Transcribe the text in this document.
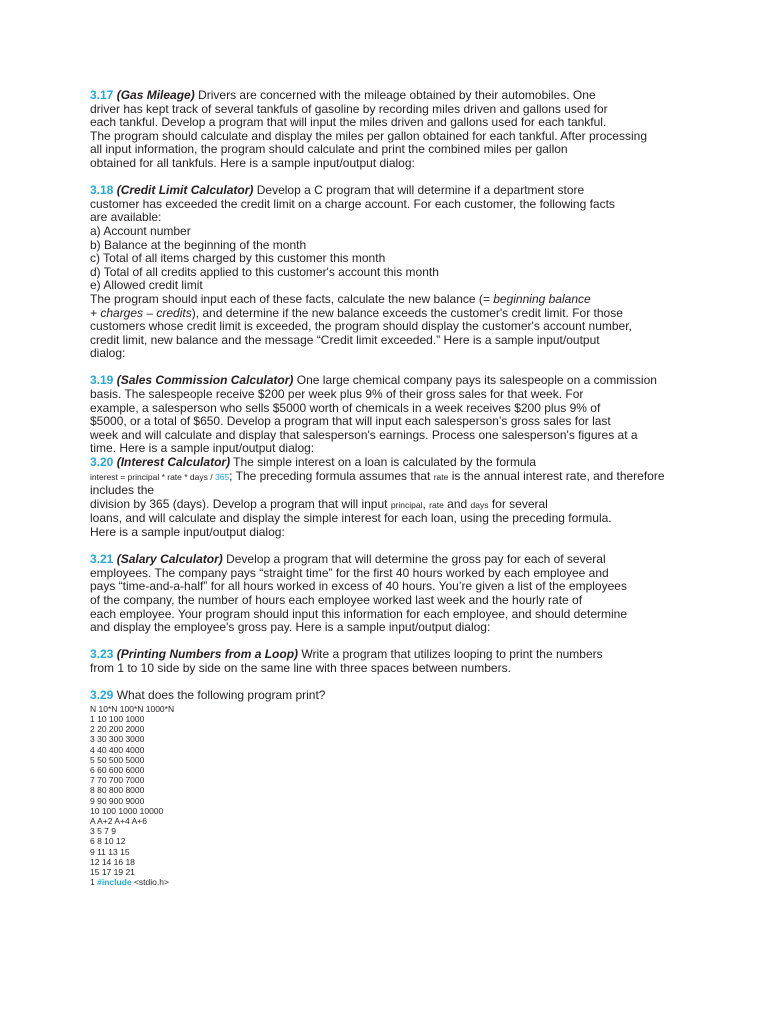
3.17 (Gas Mileage) Drivers are concerned with the mileage obtained by their automobiles. One
driver has kept track of several tankfuls of gasoline by recording miles driven and gallons used for
each tankful. Develop a program that will input the miles driven and gallons used for each tankful.
The program should calculate and display the miles per gallon obtained for each tankful. After processing
all input information, the program should calculate and print the combined miles per gallon
obtained for all tankfuls. Here is a sample input/output dialog:
3.18 (Credit Limit Calculator) Develop a C program that will determine if a department store
customer has exceeded the credit limit on a charge account. For each customer, the following facts
are available:
a) Account number
b) Balance at the beginning of the month
c) Total of all items charged by this customer this month
d) Total of all credits applied to this customer's account this month
e) Allowed credit limit
The program should input each of these facts, calculate the new balance (= beginning balance
+ charges – credits), and determine if the new balance exceeds the customer's credit limit. For those
customers whose credit limit is exceeded, the program should display the customer's account number,
credit limit, new balance and the message “Credit limit exceeded.” Here is a sample input/output
dialog:
3.19 (Sales Commission Calculator) One large chemical company pays its salespeople on a commission
basis. The salespeople receive $200 per week plus 9% of their gross sales for that week. For
example, a salesperson who sells $5000 worth of chemicals in a week receives $200 plus 9% of
$5000, or a total of $650. Develop a program that will input each salesperson’s gross sales for last
week and will calculate and display that salesperson's earnings. Process one salesperson's figures at a
time. Here is a sample input/output dialog:
3.20 (Interest Calculator) The simple interest on a loan is calculated by the formula
interest = principal * rate * days / 365; The preceding formula assumes that rate is the annual interest rate, and therefore
includes the
division by 365 (days). Develop a program that will input principal, rate and days for several
loans, and will calculate and display the simple interest for each loan, using the preceding formula.
Here is a sample input/output dialog:
3.21 (Salary Calculator) Develop a program that will determine the gross pay for each of several
employees. The company pays “straight time” for the first 40 hours worked by each employee and
pays “time-and-a-half” for all hours worked in excess of 40 hours. You’re given a list of the employees
of the company, the number of hours each employee worked last week and the hourly rate of
each employee. Your program should input this information for each employee, and should determine
and display the employee's gross pay. Here is a sample input/output dialog:
3.23 (Printing Numbers from a Loop) Write a program that utilizes looping to print the numbers
from 1 to 10 side by side on the same line with three spaces between numbers.
3.29 What does the following program print?
N 10*N 100*N 1000*N
1 10 100 1000
2 20 200 2000
3 30 300 3000
4 40 400 4000
5 50 500 5000
6 60 600 6000
7 70 700 7000
8 80 800 8000
9 90 900 9000
10 100 1000 10000
A A+2 A+4 A+6
3 5 7 9
6 8 10 12
9 11 13 15
12 14 16 18
15 17 19 21
1 #include <stdio.h>
